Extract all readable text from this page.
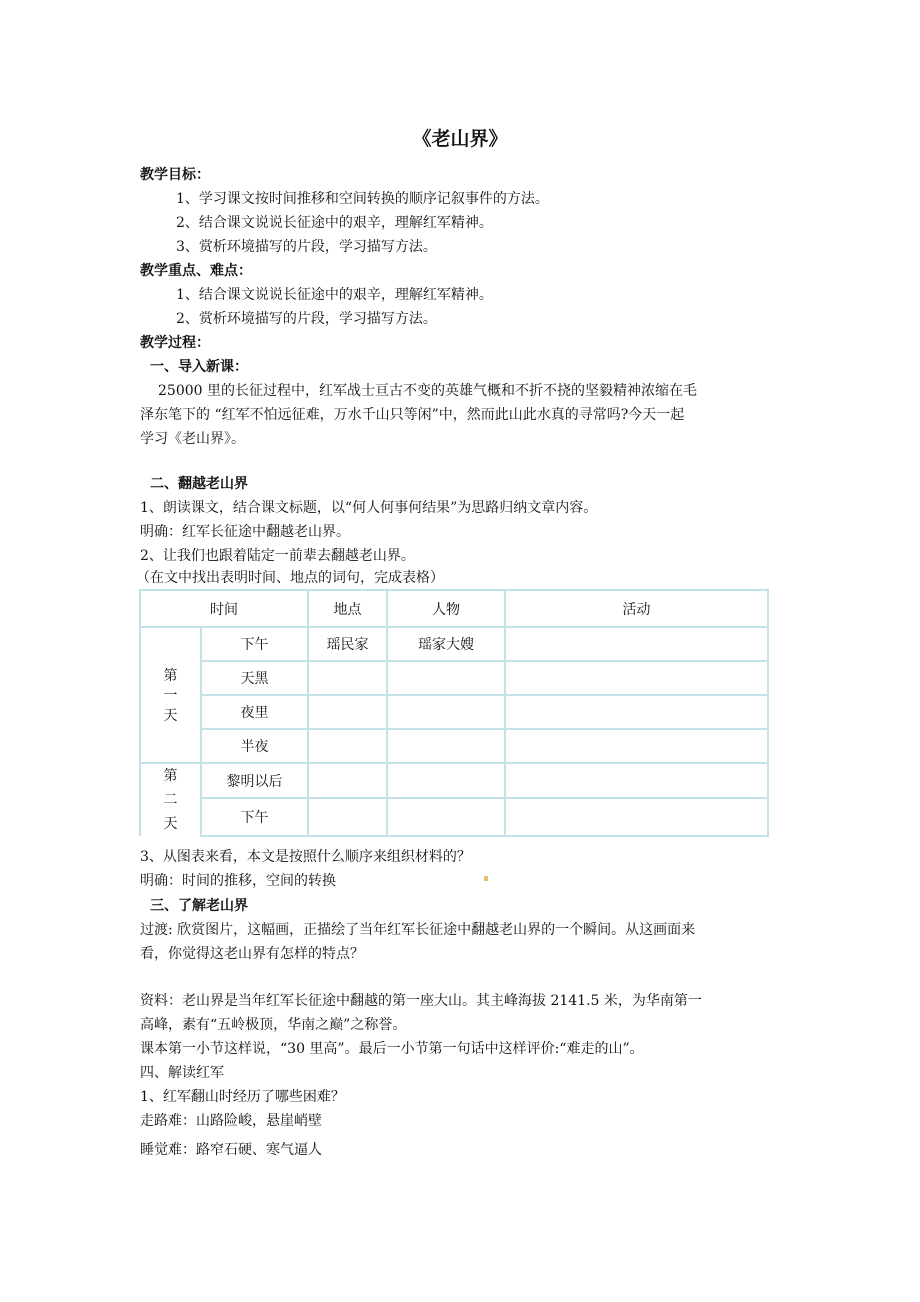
《老山界》
教学目标：
1、学习课文按时间推移和空间转换的顺序记叙事件的方法。
2、结合课文说说长征途中的艰辛，理解红军精神。
3、赏析环境描写的片段，学习描写方法。
教学重点、难点：
1、结合课文说说长征途中的艰辛，理解红军精神。
2、赏析环境描写的片段，学习描写方法。
教学过程：
一、导入新课：
25000 里的长征过程中，红军战士亘古不变的英雄气概和不折不挠的坚毅精神浓缩在毛
泽东笔下的 “红军不怕远征难，万水千山只等闲”中，然而此山此水真的寻常吗?今天一起
学习《老山界》。
二、翻越老山界
1、朗读课文，结合课文标题，以“何人何事何结果”为思路归纳文章内容。
明确：红军长征途中翻越老山界。
2、让我们也跟着陆定一前辈去翻越老山界。
（在文中找出表明时间、地点的词句，完成表格）
时间		地点	人物	活动

第
一
天	下午	瑶民家	瑶家大嫂	
	天黑			
	夜里			
	半夜			

第
二
天	黎明以后			
	下午			
3、从图表来看，本文是按照什么顺序来组织材料的？
明确：时间的推移，空间的转换
三、了解老山界
过渡: 欣赏图片，这幅画，正描绘了当年红军长征途中翻越老山界的一个瞬间。从这画面来
看，你觉得这老山界有怎样的特点？
资料：老山界是当年红军长征途中翻越的第一座大山。其主峰海拔 2141.5 米，为华南第一
高峰，素有“五岭极顶，华南之巅”之称誉。
课本第一小节这样说，“30 里高”。最后一小节第一句话中这样评价:“难走的山”。
四、解读红军
1、红军翻山时经历了哪些困难？
走路难：山路险峻，悬崖峭壁
睡觉难：路窄石硬、寒气逼人
